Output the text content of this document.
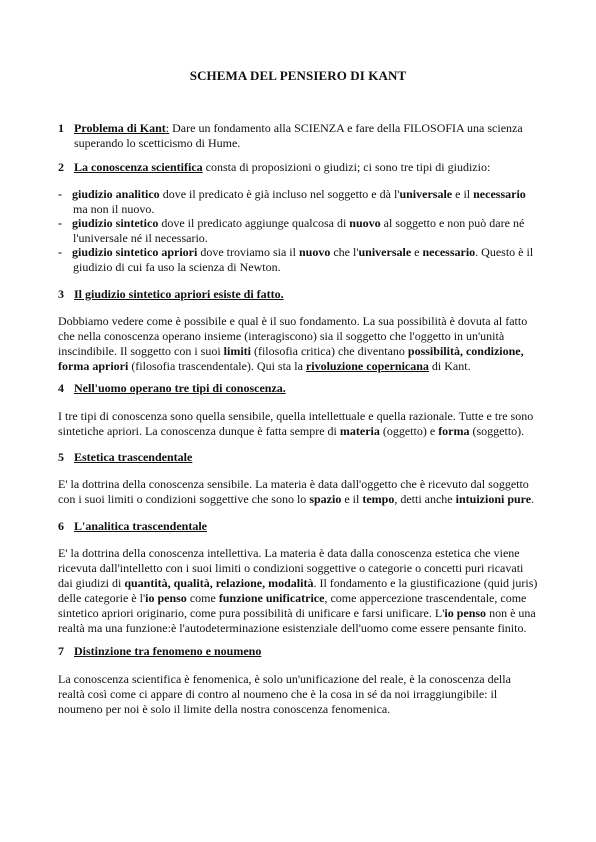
SCHEMA DEL PENSIERO DI KANT

1 Problema di Kant: Dare un fondamento alla SCIENZA e fare della FILOSOFIA una scienza

superando lo scetticismo di Hume.

2 La conoscenza scientifica consta di proposizioni o giudizi; ci sono tre tipi di giudizio:

- giudizio analitico dove il predicato è già incluso nel soggetto e dà l'universale e il necessario

ma non il nuovo.

- giudizio sintetico dove il predicato aggiunge qualcosa di nuovo al soggetto e non può dare né

l'universale né il necessario.

- giudizio sintetico apriori dove troviamo sia il nuovo che l'universale e necessario. Questo è il

giudizio di cui fa uso la scienza di Newton.

3 Il giudizio sintetico apriori esiste di fatto.

Dobbiamo vedere come è possibile e qual è il suo fondamento. La sua possibilità è dovuta al fatto

che nella conoscenza operano insieme (interagiscono) sia il soggetto che l'oggetto in un'unità

inscindibile. Il soggetto con i suoi limiti (filosofia critica) che diventano possibilità, condizione,

forma apriori (filosofia trascendentale). Qui sta la rivoluzione copernicana di Kant.

4 Nell'uomo operano tre tipi di conoscenza.

I tre tipi di conoscenza sono quella sensibile, quella intellettuale e quella razionale. Tutte e tre sono

sintetiche apriori. La conoscenza dunque è fatta sempre di materia (oggetto) e forma (soggetto).

5 Estetica trascendentale

E' la dottrina della conoscenza sensibile. La materia è data dall'oggetto che è ricevuto dal soggetto

con i suoi limiti o condizioni soggettive che sono lo spazio e il tempo, detti anche intuizioni pure.

6 L'analitica trascendentale

E' la dottrina della conoscenza intellettiva. La materia è data dalla conoscenza estetica che viene

ricevuta dall'intelletto con i suoi limiti o condizioni soggettive o categorie o concetti puri ricavati

dai giudizi di quantità, qualità, relazione, modalità. Il fondamento e la giustificazione (quid juris)

delle categorie è l'io penso come funzione unificatrice, come appercezione trascendentale, come

sintetico apriori originario, come pura possibilità di unificare e farsi unificare. L'io penso non è una

realtà ma una funzione:è l'autodeterminazione esistenziale dell'uomo come essere pensante finito.

7 Distinzione tra fenomeno e noumeno

La conoscenza scientifica è fenomenica, è solo un'unificazione del reale, è la conoscenza della

realtà così come ci appare di contro al noumeno che è la cosa in sé da noi irraggiungibile: il

noumeno per noi è solo il limite della nostra conoscenza fenomenica.
